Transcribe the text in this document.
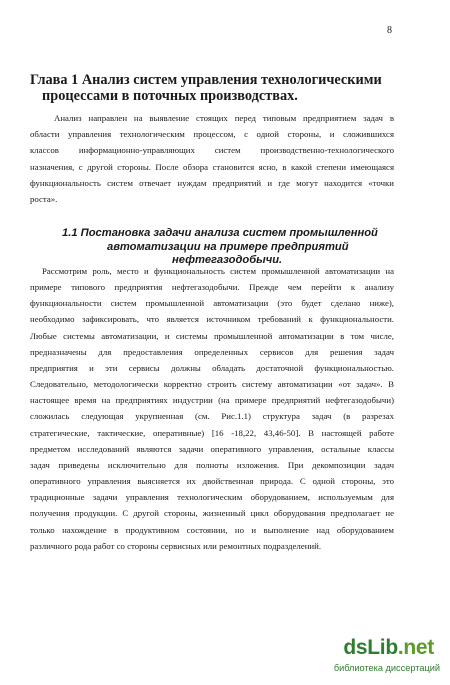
8
Глава 1 Анализ систем управления технологическими
процессами в поточных производствах.
Анализ направлен на выявление стоящих перед типовым предприятием задач в
области управления технологическим процессом, с одной стороны, и сложившихся
классов информационно-управляющих систем производственно-технологического
назначения, с другой стороны. После обзора становится ясно, в какой степени имеющаяся
функциональность систем отвечает нуждам предприятий и где могут находится «точки
роста».
1.1 Постановка задачи анализа систем промышленной
автоматизации на примере предприятий
нефтегазодобычи.
Рассмотрим роль, место и функциональность систем промышленной автоматизации на
примере типового предприятия нефтегазодобычи. Прежде чем перейти к анализу
функциональности систем промышленной автоматизации (это будет сделано ниже),
необходимо зафиксировать, что является источником требований к функциональности.
Любые системы автоматизации, и системы промышленной автоматизации в том числе,
предназначены для предоставления определенных сервисов для решения задач
предприятия и эти сервисы должны обладать достаточной функциональностью.
Следовательно, методологически корректно строить систему автоматизации «от задач». В
настоящее время на предприятиях индустрии (на примере предприятий нефтегазодобычи)
сложилась следующая укрупненная (см. Рис.1.1) структура задач (в разрезах
стратегические, тактические, оперативные) [16 -18,22, 43,46-50]. В настоящей работе
предметом исследований являются задачи оперативного управления, остальные классы
задач приведены исключительно для полноты изложения. При декомпозиции задач
оперативного управления выясняется их двойственная природа. С одной стороны, это
традиционные задачи управления технологическим оборудованием, используемым для
получения продукции. С другой стороны, жизненный цикл оборудования предполагает не
только нахождение в продуктивном состоянии, но и выполнение над оборудованием
различного рода работ со стороны сервисных или ремонтных подразделений.
dsLib.net
библиотека диссертаций
